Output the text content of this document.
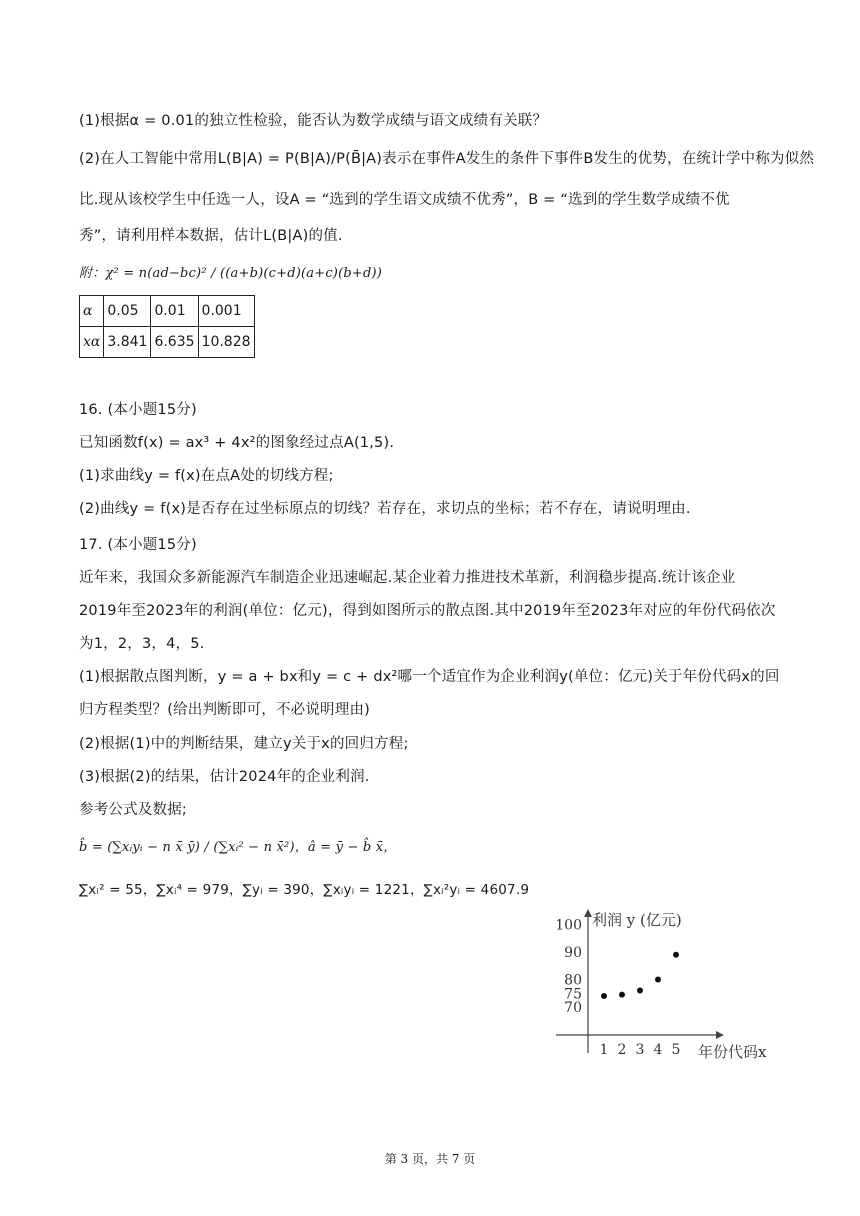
(1)根据α = 0.01的独立性检验，能否认为数学成绩与语文成绩有关联？
(2)在人工智能中常用L(B|A) = P(B|A)/P(B̄|A)表示在事件A发生的条件下事件B发生的优势，在统计学中称为似然
比.现从该校学生中任选一人，设A = “选到的学生语文成绩不优秀”，B = “选到的学生数学成绩不优
秀”，请利用样本数据，估计L(B|A)的值.
附：χ² = n(ad−bc)² / ((a+b)(c+d)(a+c)(b+d))
α	0.05	0.01	0.001
xα	3.841	6.635	10.828
16. (本小题15分)
已知函数f(x) = ax³ + 4x²的图象经过点A(1,5).
(1)求曲线y = f(x)在点A处的切线方程;
(2)曲线y = f(x)是否存在过坐标原点的切线？若存在，求切点的坐标；若不存在，请说明理由.
17. (本小题15分)
近年来，我国众多新能源汽车制造企业迅速崛起.某企业着力推进技术革新，利润稳步提高.统计该企业
2019年至2023年的利润(单位：亿元)，得到如图所示的散点图.其中2019年至2023年对应的年份代码依次
为1，2，3，4，5.
(1)根据散点图判断，y = a + bx和y = c + dx²哪一个适宜作为企业利润y(单位：亿元)关于年份代码x的回
归方程类型？(给出判断即可，不必说明理由)
(2)根据(1)中的判断结果，建立y关于x的回归方程;
(3)根据(2)的结果，估计2024年的企业利润.
参考公式及数据;
b̂ = (∑xᵢyᵢ − n x̄ ȳ) / (∑xᵢ² − n x̄²)，â = ȳ − b̂ x̄，
∑xᵢ² = 55，∑xᵢ⁴ = 979，∑yᵢ = 390，∑xᵢyᵢ = 1221，∑xᵢ²yᵢ = 4607.9
利润 y (亿元)
年份代码x
70
75
80
90
100
1 2 3 4 5
第 3 页，共 7 页
